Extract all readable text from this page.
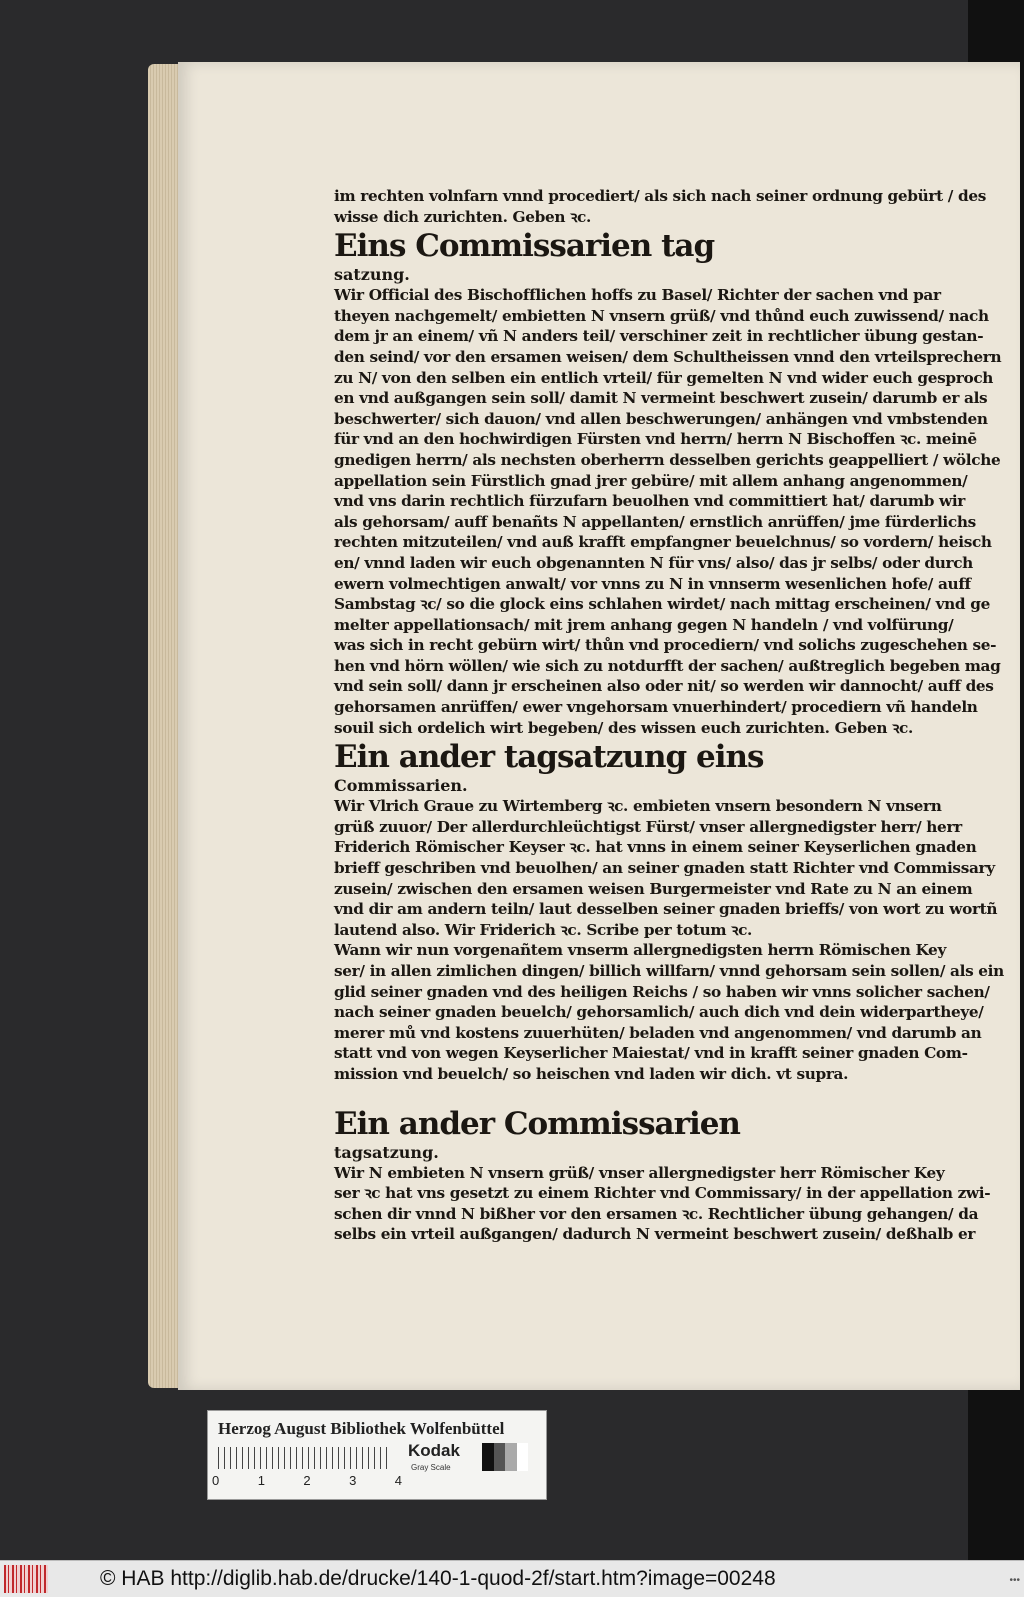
im rechten volnfarn vnnd procediert/ als sich nach seiner ordnung gebürt / des
wisse dich zurichten. Geben ꝛc.
Eins Commissarien tag
satzung.
Wir Official des Bischofflichen hoffs zu Basel/ Richter der sachen vnd par
theyen nachgemelt/ embietten N vnsern grüß/ vnd thůnd euch zuwissend/ nach
dem jr an einem/ vñ N anders teil/ verschiner zeit in rechtlicher übung gestan-
den seind/ vor den ersamen weisen/ dem Schultheissen vnnd den vrteilsprechern
zu N/ von den selben ein entlich vrteil/ für gemelten N vnd wider euch gesproch
en vnd außgangen sein soll/ damit N vermeint beschwert zusein/ darumb er als
beschwerter/ sich dauon/ vnd allen beschwerungen/ anhängen vnd vmbstenden
für vnd an den hochwirdigen Fürsten vnd herrn/ herrn N Bischoffen ꝛc. meinē
gnedigen herrn/ als nechsten oberherrn desselben gerichts geappelliert / wölche
appellation sein Fürstlich gnad jrer gebüre/ mit allem anhang angenommen/
vnd vns darin rechtlich fürzufarn beuolhen vnd committiert hat/ darumb wir
als gehorsam/ auff benañts N appellanten/ ernstlich anrüffen/ jme fürderlichs
rechten mitzuteilen/ vnd auß krafft empfangner beuelchnus/ so vordern/ heisch
en/ vnnd laden wir euch obgenannten N für vns/ also/ das jr selbs/ oder durch
ewern volmechtigen anwalt/ vor vnns zu N in vnnserm wesenlichen hofe/ auff
Sambstag ꝛc/ so die glock eins schlahen wirdet/ nach mittag erscheinen/ vnd ge
melter appellationsach/ mit jrem anhang gegen N handeln / vnd volfürung/
was sich in recht gebürn wirt/ thůn vnd procediern/ vnd solichs zugeschehen se-
hen vnd hörn wöllen/ wie sich zu notdurfft der sachen/ außtreglich begeben mag
vnd sein soll/ dann jr erscheinen also oder nit/ so werden wir dannocht/ auff des
gehorsamen anrüffen/ ewer vngehorsam vnuerhindert/ procediern vñ handeln
souil sich ordelich wirt begeben/ des wissen euch zurichten. Geben ꝛc.
Ein ander tagsatzung eins
Commissarien.
Wir Vlrich Graue zu Wirtemberg ꝛc. embieten vnsern besondern N vnsern
grüß zuuor/ Der allerdurchleüchtigst Fürst/ vnser allergnedigster herr/ herr
Friderich Römischer Keyser ꝛc. hat vnns in einem seiner Keyserlichen gnaden
brieff geschriben vnd beuolhen/ an seiner gnaden statt Richter vnd Commissary
zusein/ zwischen den ersamen weisen Burgermeister vnd Rate zu N an einem
vnd dir am andern teiln/ laut desselben seiner gnaden brieffs/ von wort zu wortñ
lautend also. Wir Friderich ꝛc. Scribe per totum ꝛc.
Wann wir nun vorgenañtem vnserm allergnedigsten herrn Römischen Key
ser/ in allen zimlichen dingen/ billich willfarn/ vnnd gehorsam sein sollen/ als ein
glid seiner gnaden vnd des heiligen Reichs / so haben wir vnns solicher sachen/
nach seiner gnaden beuelch/ gehorsamlich/ auch dich vnd dein widerpartheye/
merer mů vnd kostens zuuerhüten/ beladen vnd angenommen/ vnd darumb an
statt vnd von wegen Keyserlicher Maiestat/ vnd in krafft seiner gnaden Com-
mission vnd beuelch/ so heischen vnd laden wir dich. vt supra.
Ein ander Commissarien
tagsatzung.
Wir N embieten N vnsern grüß/ vnser allergnedigster herr Römischer Key
ser ꝛc hat vns gesetzt zu einem Richter vnd Commissary/ in der appellation zwi-
schen dir vnnd N bißher vor den ersamen ꝛc. Rechtlicher übung gehangen/ da
selbs ein vrteil außgangen/ dadurch N vermeint beschwert zusein/ deßhalb er
Herzog August Bibliothek Wolfenbüttel
0	1	2	3	4
Kodak
Gray Scale
© HAB http://diglib.hab.de/drucke/140-1-quod-2f/start.htm?image=00248	•••
